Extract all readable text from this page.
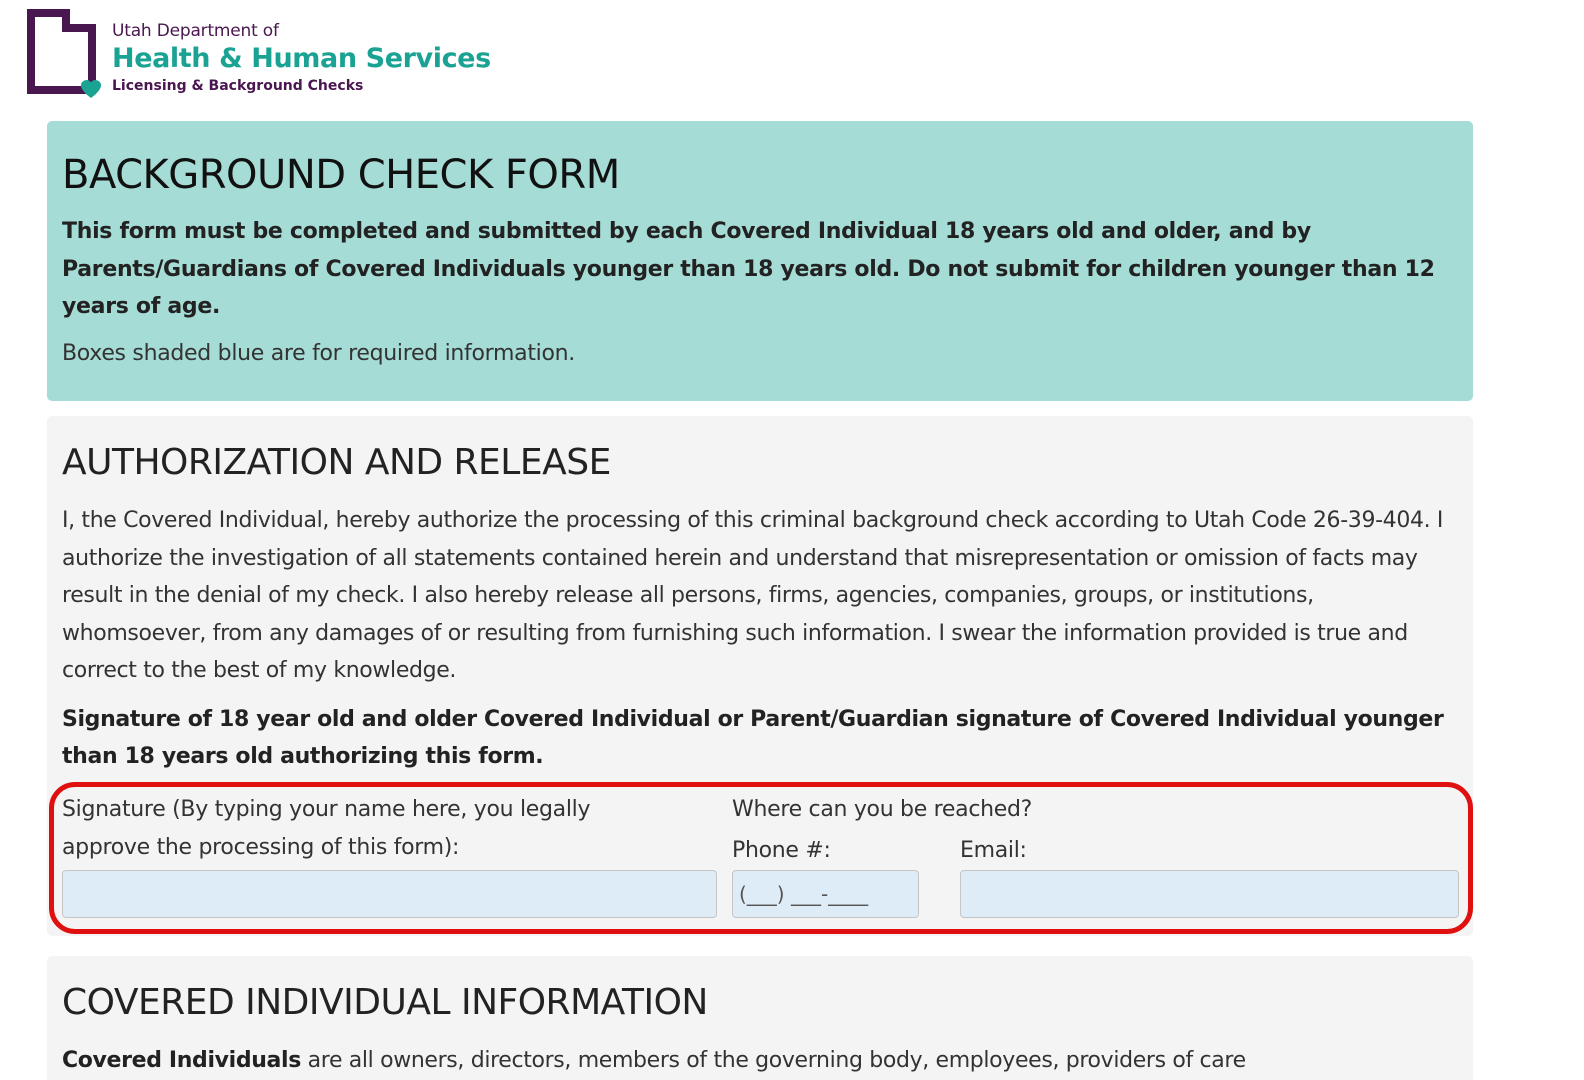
Utah Department of
Health & Human Services
Licensing & Background Checks
BACKGROUND CHECK FORM

This form must be completed and submitted by each Covered Individual 18 years old and older, and by Parents/Guardians of Covered Individuals younger than 18 years old. Do not submit for children younger than 12 years of age.

Boxes shaded blue are for required information.

AUTHORIZATION AND RELEASE

I, the Covered Individual, hereby authorize the processing of this criminal background check according to Utah Code 26-39-404. I authorize the investigation of all statements contained herein and understand that misrepresentation or omission of facts may result in the denial of my check. I also hereby release all persons, firms, agencies, companies, groups, or institutions, whomsoever, from any damages of or resulting from furnishing such information. I swear the information provided is true and correct to the best of my knowledge.

Signature of 18 year old and older Covered Individual or Parent/Guardian signature of Covered Individual younger than 18 years old authorizing this form.

Signature (By typing your name here, you legally approve the processing of this form):
Where can you be reached?
Phone #:	Email:
(___) ___-____
COVERED INDIVIDUAL INFORMATION

Covered Individuals are all owners, directors, members of the governing body, employees, providers of care
